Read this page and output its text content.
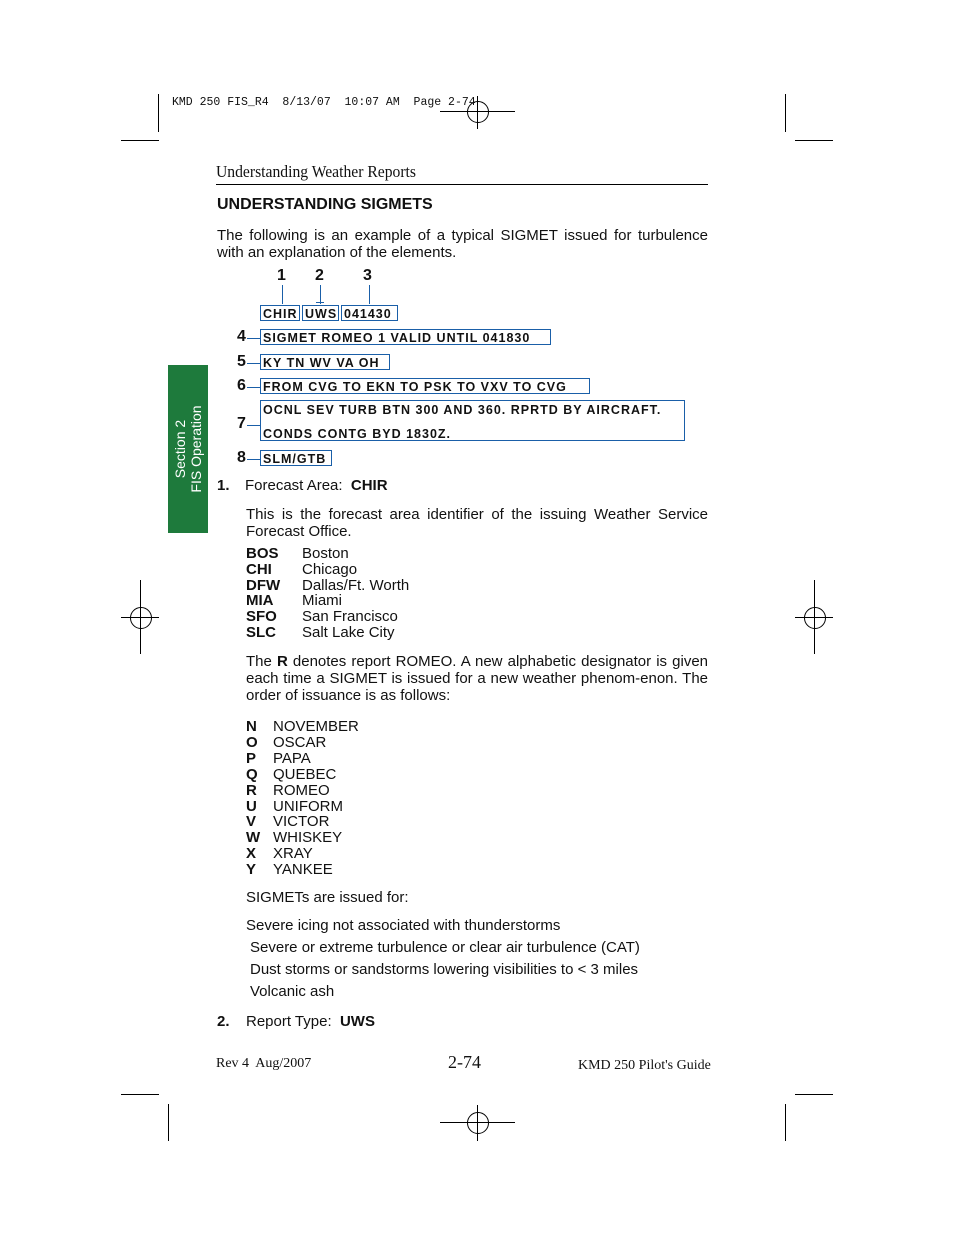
KMD 250 FIS_R4  8/13/07  10:07 AM  Page 2-74
Understanding Weather Reports
UNDERSTANDING SIGMETS
The following is an example of a typical SIGMET issued for turbulence with an explanation of the elements.
Section 2 FIS Operation
1 2 3
CHIR UWS 041430
4 SIGMET ROMEO 1 VALID UNTIL 041830
5 KY TN WV VA OH
6 FROM CVG TO EKN TO PSK TO VXV TO CVG
7
OCNL SEV TURB BTN 300 AND 360. RPRTD BY AIRCRAFT.
CONDS CONTG BYD 1830Z.
8 SLM/GTB
1. Forecast Area: CHIR
This is the forecast area identifier of the issuing Weather Service Forecast Office.
BOS Boston
CHI Chicago
DFW Dallas/Ft. Worth
MIA Miami
SFO San Francisco
SLC Salt Lake City
The R denotes report ROMEO. A new alphabetic designator is given each time a SIGMET is issued for a new weather phenom-enon. The order of issuance is as follows:
N NOVEMBER
O OSCAR
P PAPA
Q QUEBEC
R ROMEO
U UNIFORM
V VICTOR
W WHISKEY
X XRAY
Y YANKEE
SIGMETs are issued for:
Severe icing not associated with thunderstorms
Severe or extreme turbulence or clear air turbulence (CAT)
Dust storms or sandstorms lowering visibilities to < 3 miles
Volcanic ash
2. Report Type: UWS
Rev 4  Aug/2007	2-74	KMD 250 Pilot's Guide
